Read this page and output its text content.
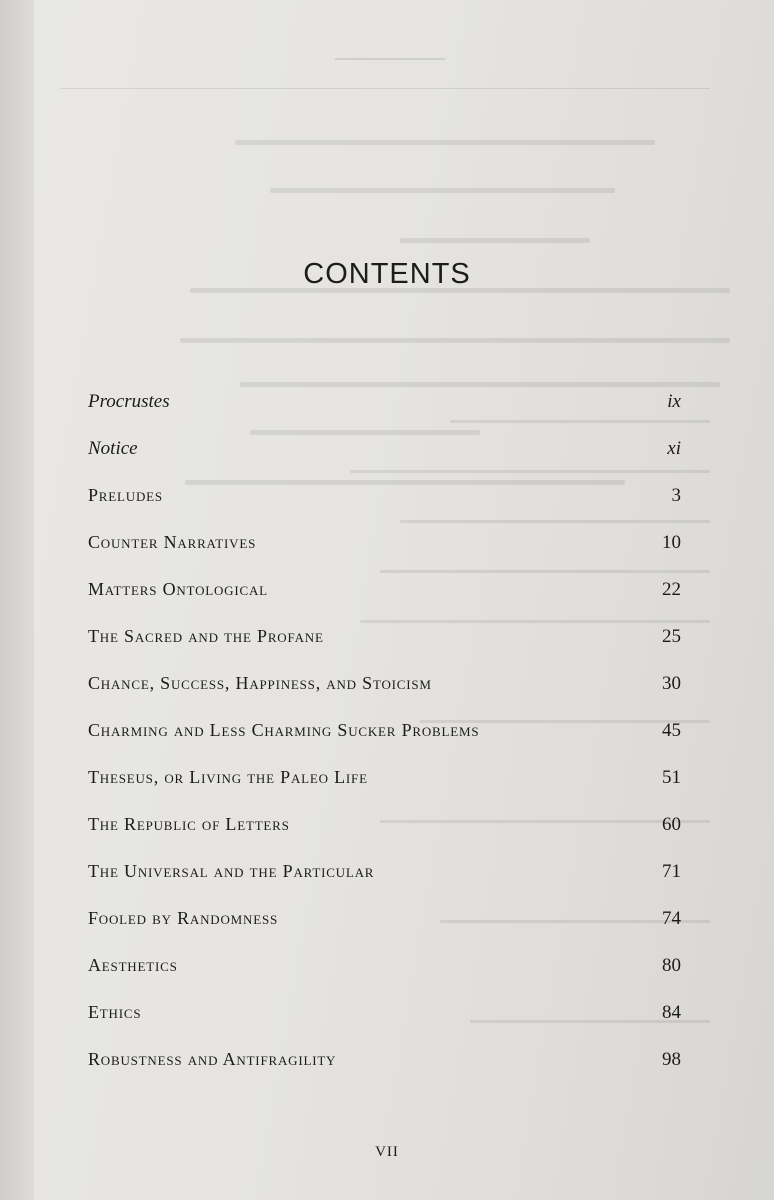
CONTENTS
Procrustes	ix
Notice	xi
Preludes	3
Counter Narratives	10
Matters Ontological	22
The Sacred and the Profane	25
Chance, Success, Happiness, and Stoicism	30
Charming and Less Charming Sucker Problems	45
Theseus, or Living the Paleo Life	51
The Republic of Letters	60
The Universal and the Particular	71
Fooled by Randomness	74
Aesthetics	80
Ethics	84
Robustness and Antifragility	98
VII
